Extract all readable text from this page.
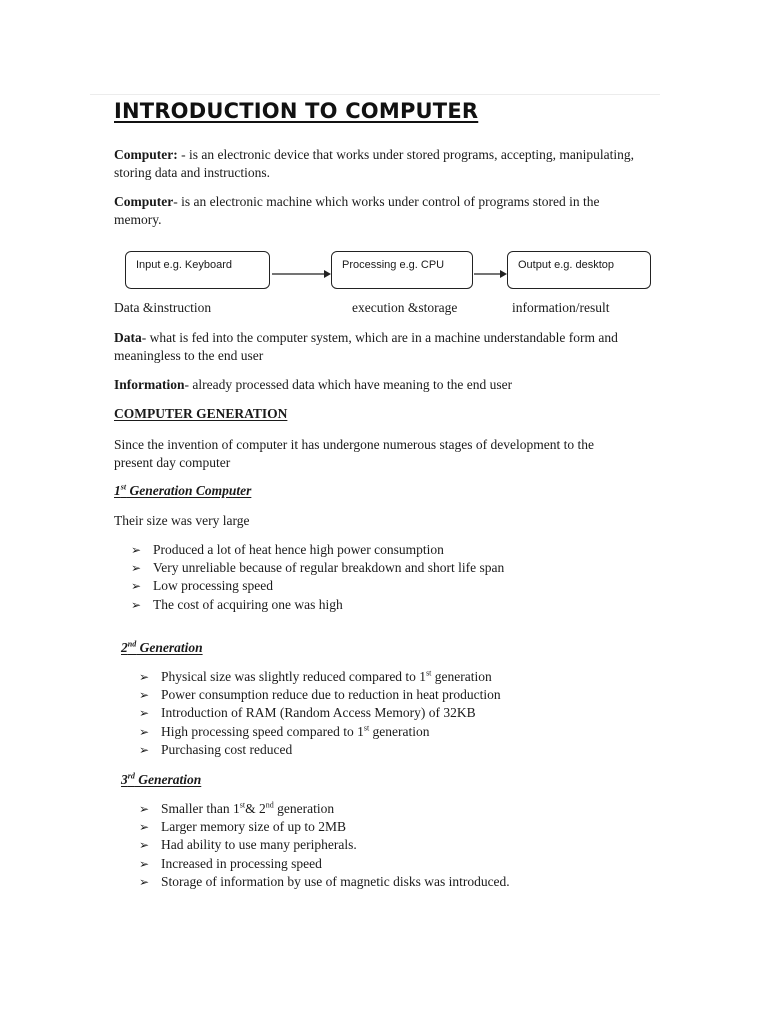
INTRODUCTION TO COMPUTER
Computer: - is an electronic device that works under stored programs, accepting, manipulating, storing data and instructions.
Computer- is an electronic machine which works under control of programs stored in the memory.
Input e.g. Keyboard	Processing e.g. CPU	Output e.g. desktop
Data &instruction	execution &storage	information/result
Data- what is fed into the computer system, which are in a machine understandable form and meaningless to the end user
Information- already processed data which have meaning to the end user
COMPUTER GENERATION
Since the invention of computer it has undergone numerous stages of development to the present day computer
1st Generation Computer
Their size was very large
➢ Produced a lot of heat hence high power consumption
➢ Very unreliable because of regular breakdown and short life span
➢ Low processing speed
➢ The cost of acquiring one was high
2nd Generation
➢ Physical size was slightly reduced compared to 1st generation
➢ Power consumption reduce due to reduction in heat production
➢ Introduction of RAM (Random Access Memory) of 32KB
➢ High processing speed compared to 1st generation
➢ Purchasing cost reduced
3rd Generation
➢ Smaller than 1st& 2nd generation
➢ Larger memory size of up to 2MB
➢ Had ability to use many peripherals.
➢ Increased in processing speed
➢ Storage of information by use of magnetic disks was introduced.
